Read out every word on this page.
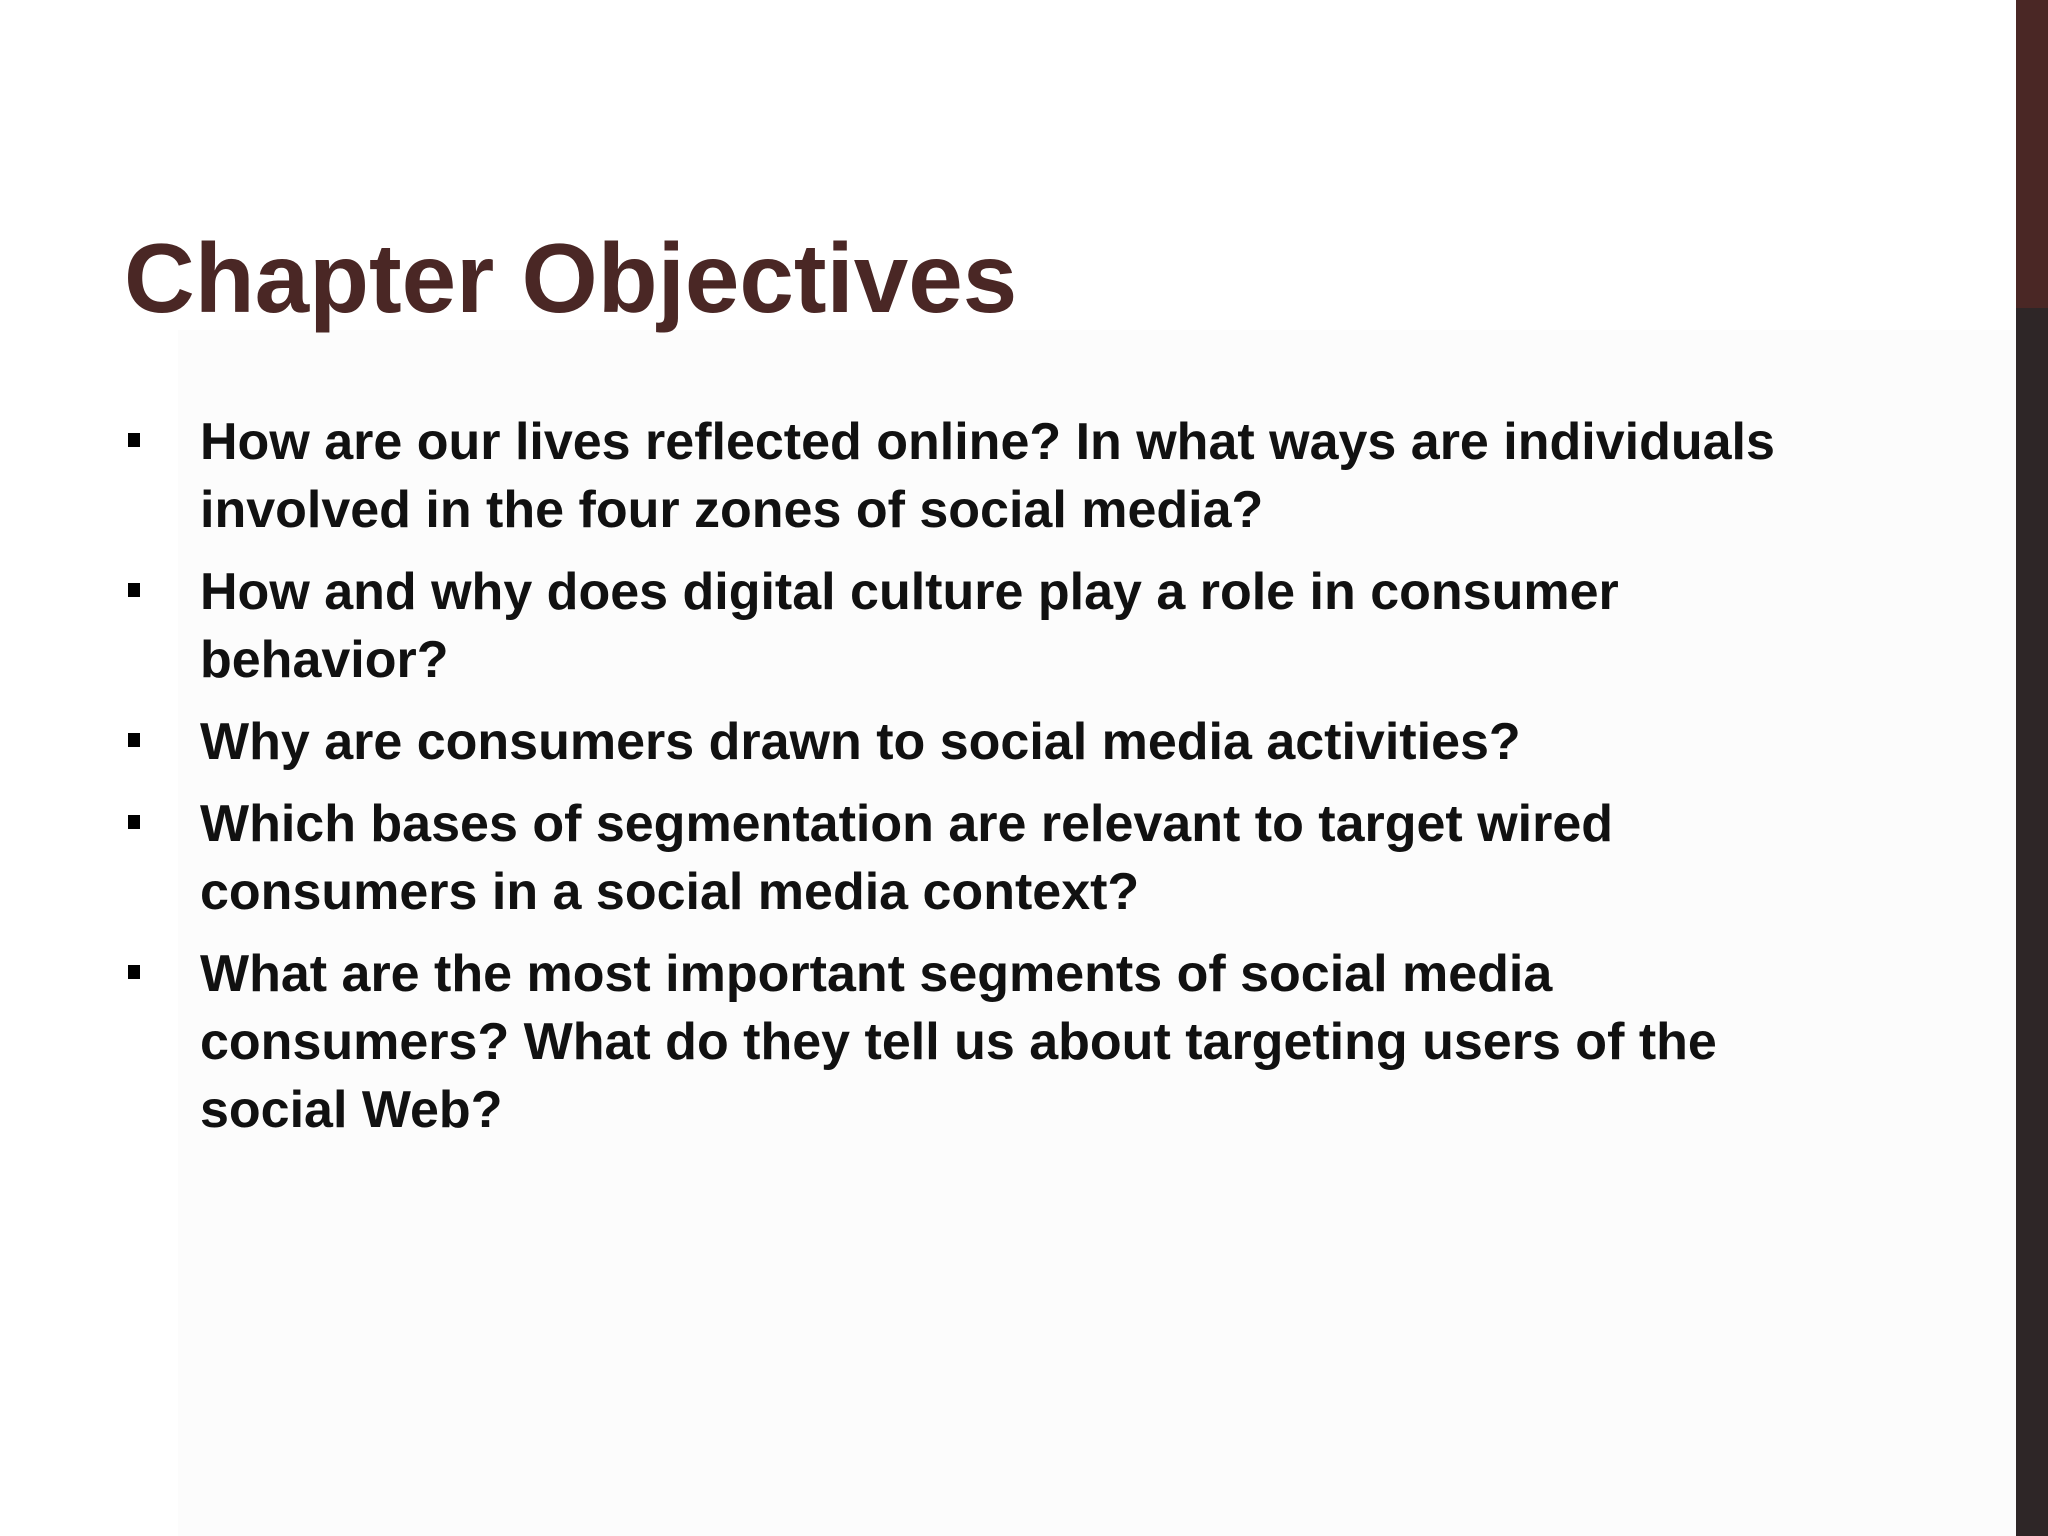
Chapter Objectives
How are our lives reflected online? In what ways are individuals involved in the four zones of social media?
How and why does digital culture play a role in consumer behavior?
Why are consumers drawn to social media activities?
Which bases of segmentation are relevant to target wired consumers in a social media context?
What are the most important segments of social media consumers? What do they tell us about targeting users of the social Web?
